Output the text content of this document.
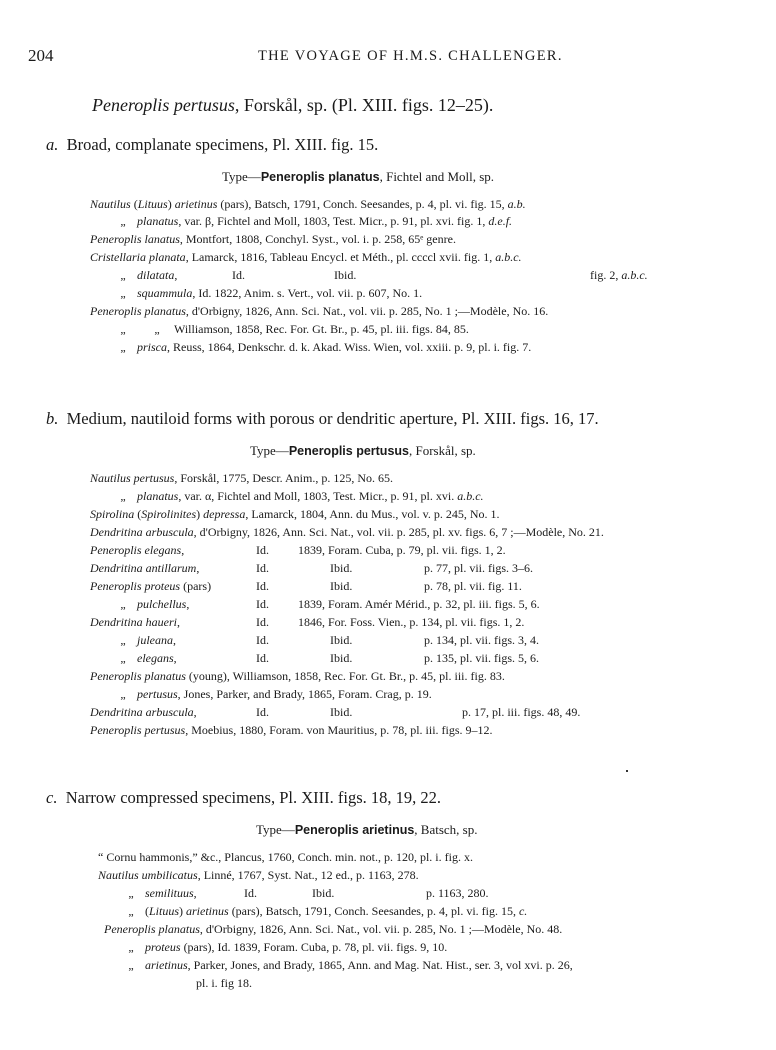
204	THE VOYAGE OF H.M.S. CHALLENGER.
Peneroplis pertusus, Forskål, sp. (Pl. XIII. figs. 12–25).
a. Broad, complanate specimens, Pl. XIII. fig. 15.
Type—Peneroplis planatus, Fichtel and Moll, sp.
Nautilus (Lituus) arietinus (pars), Batsch, 1791, Conch. Seesandes, p. 4, pl. vi. fig. 15, a.b.
„ planatus, var. β, Fichtel and Moll, 1803, Test. Micr., p. 91, pl. xvi. fig. 1, d.e.f.
Peneroplis lanatus, Montfort, 1808, Conchyl. Syst., vol. i. p. 258, 65ᵉ genre.
Cristellaria planata, Lamarck, 1816, Tableau Encycl. et Méth., pl. ccccl xvii. fig. 1, a.b.c.
„ dilatata,	Id.	Ibid.	fig. 2, a.b.c.
„ squammula, Id. 1822, Anim. s. Vert., vol. vii. p. 607, No. 1.
Peneroplis planatus, d'Orbigny, 1826, Ann. Sci. Nat., vol. vii. p. 285, No. 1 ;—Modèle, No. 16.
„ „ Williamson, 1858, Rec. For. Gt. Br., p. 45, pl. iii. figs. 84, 85.
„ prisca, Reuss, 1864, Denkschr. d. k. Akad. Wiss. Wien, vol. xxiii. p. 9, pl. i. fig. 7.
b. Medium, nautiloid forms with porous or dendritic aperture, Pl. XIII. figs. 16, 17.
Type—Peneroplis pertusus, Forskål, sp.
Nautilus pertusus, Forskål, 1775, Descr. Anim., p. 125, No. 65.
„ planatus, var. α, Fichtel and Moll, 1803, Test. Micr., p. 91, pl. xvi. a.b.c.
Spirolina (Spirolinites) depressa, Lamarck, 1804, Ann. du Mus., vol. v. p. 245, No. 1.
Dendritina arbuscula, d'Orbigny, 1826, Ann. Sci. Nat., vol. vii. p. 285, pl. xv. figs. 6, 7 ;—Modèle, No. 21.
Peneroplis elegans,	Id. 1839, Foram. Cuba, p. 79, pl. vii. figs. 1, 2.
Dendritina antillarum,	Id.	Ibid.	p. 77, pl. vii. figs. 3–6.
Peneroplis proteus (pars)	Id.	Ibid.	p. 78, pl. vii. fig. 11.
„ pulchellus,	Id. 1839, Foram. Amér Mérid., p. 32, pl. iii. figs. 5, 6.
Dendritina haueri,	Id. 1846, For. Foss. Vien., p. 134, pl. vii. figs. 1, 2.
„ juleana,	Id.	Ibid.	p. 134, pl. vii. figs. 3, 4.
„ elegans,	Id.	Ibid.	p. 135, pl. vii. figs. 5, 6.
Peneroplis planatus (young), Williamson, 1858, Rec. For. Gt. Br., p. 45, pl. iii. fig. 83.
„ pertusus, Jones, Parker, and Brady, 1865, Foram. Crag, p. 19.
Dendritina arbuscula,	Id.	Ibid.	p. 17, pl. iii. figs. 48, 49.
Peneroplis pertusus, Moebius, 1880, Foram. von Mauritius, p. 78, pl. iii. figs. 9–12.
c. Narrow compressed specimens, Pl. XIII. figs. 18, 19, 22.
Type—Peneroplis arietinus, Batsch, sp.
“ Cornu hammonis,” &c., Plancus, 1760, Conch. min. not., p. 120, pl. i. fig. x.
Nautilus umbilicatus, Linné, 1767, Syst. Nat., 12 ed., p. 1163, 278.
„ semilituus,	Id.	Ibid.	p. 1163, 280.
„ (Lituus) arietinus (pars), Batsch, 1791, Conch. Seesandes, p. 4, pl. vi. fig. 15, c.
Peneroplis planatus, d'Orbigny, 1826, Ann. Sci. Nat., vol. vii. p. 285, No. 1 ;—Modèle, No. 48.
„ proteus (pars), Id. 1839, Foram. Cuba, p. 78, pl. vii. figs. 9, 10.
„ arietinus, Parker, Jones, and Brady, 1865, Ann. and Mag. Nat. Hist., ser. 3, vol xvi. p. 26,
pl. i. fig 18.
